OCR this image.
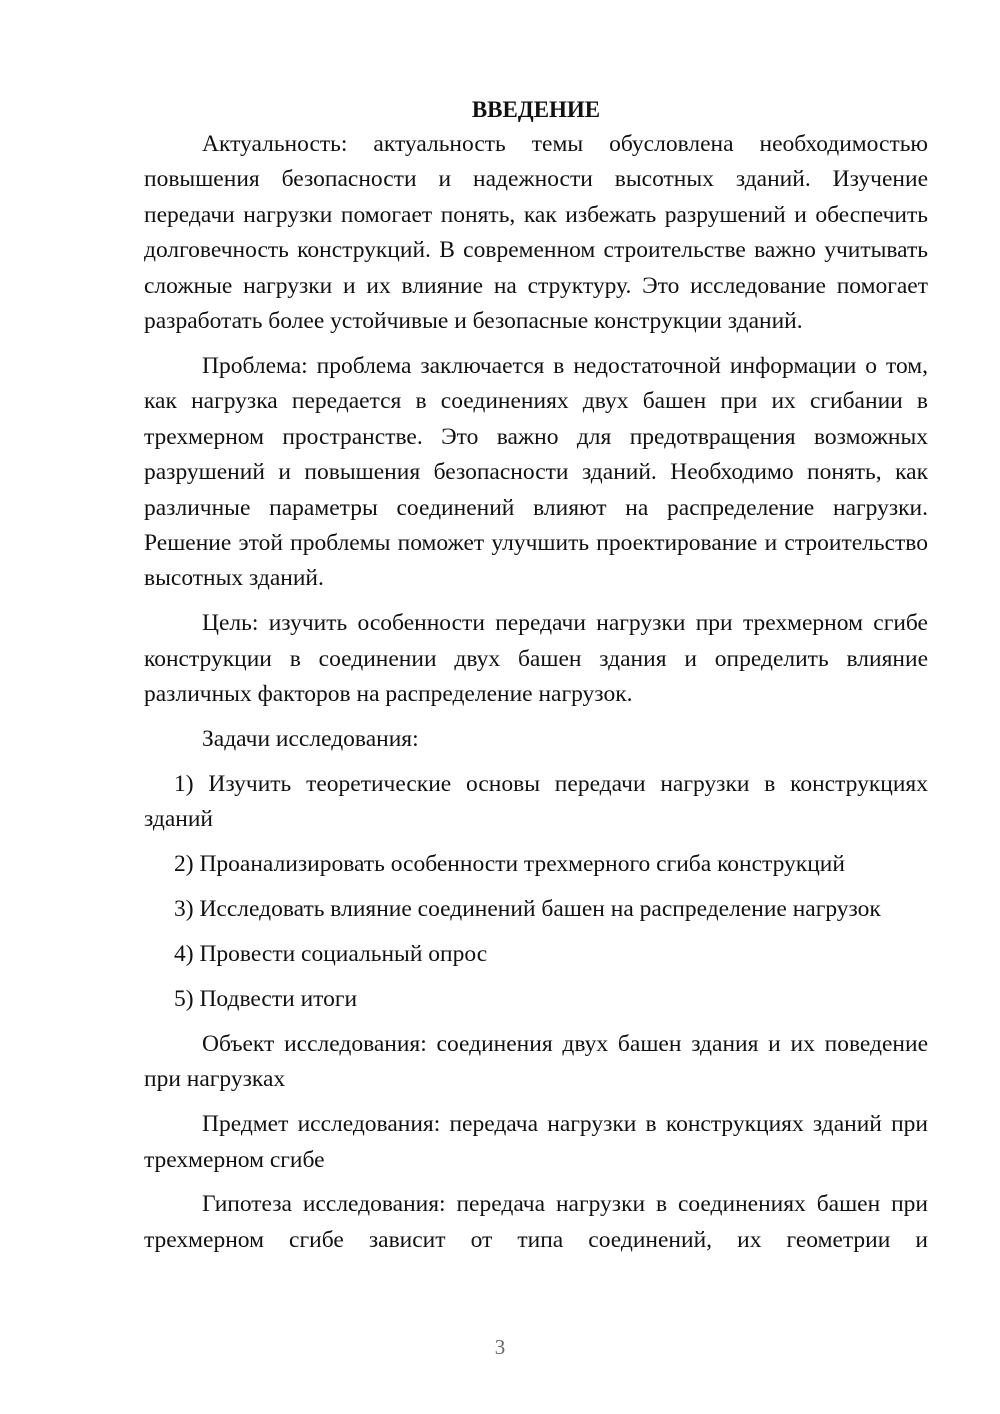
ВВЕДЕНИЕ

Актуальность: актуальность темы обусловлена необходимостью повышения безопасности и надежности высотных зданий. Изучение передачи нагрузки помогает понять, как избежать разрушений и обеспечить долговечность конструкций. В современном строительстве важно учитывать сложные нагрузки и их влияние на структуру. Это исследование помогает разработать более устойчивые и безопасные конструкции зданий.

Проблема: проблема заключается в недостаточной информации о том, как нагрузка передается в соединениях двух башен при их сгибании в трехмерном пространстве. Это важно для предотвращения возможных разрушений и повышения безопасности зданий. Необходимо понять, как различные параметры соединений влияют на распределение нагрузки. Решение этой проблемы поможет улучшить проектирование и строительство высотных зданий.

Цель: изучить особенности передачи нагрузки при трехмерном сгибе конструкции в соединении двух башен здания и определить влияние различных факторов на распределение нагрузок.

Задачи исследования:

1) Изучить теоретические основы передачи нагрузки в конструкциях зданий

2) Проанализировать особенности трехмерного сгиба конструкций

3) Исследовать влияние соединений башен на распределение нагрузок

4) Провести социальный опрос

5) Подвести итоги

Объект исследования: соединения двух башен здания и их поведение при нагрузках

Предмет исследования: передача нагрузки в конструкциях зданий при трехмерном сгибе

Гипотеза исследования: передача нагрузки в соединениях башен при трехмерном сгибе зависит от типа соединений, их геометрии и

3
